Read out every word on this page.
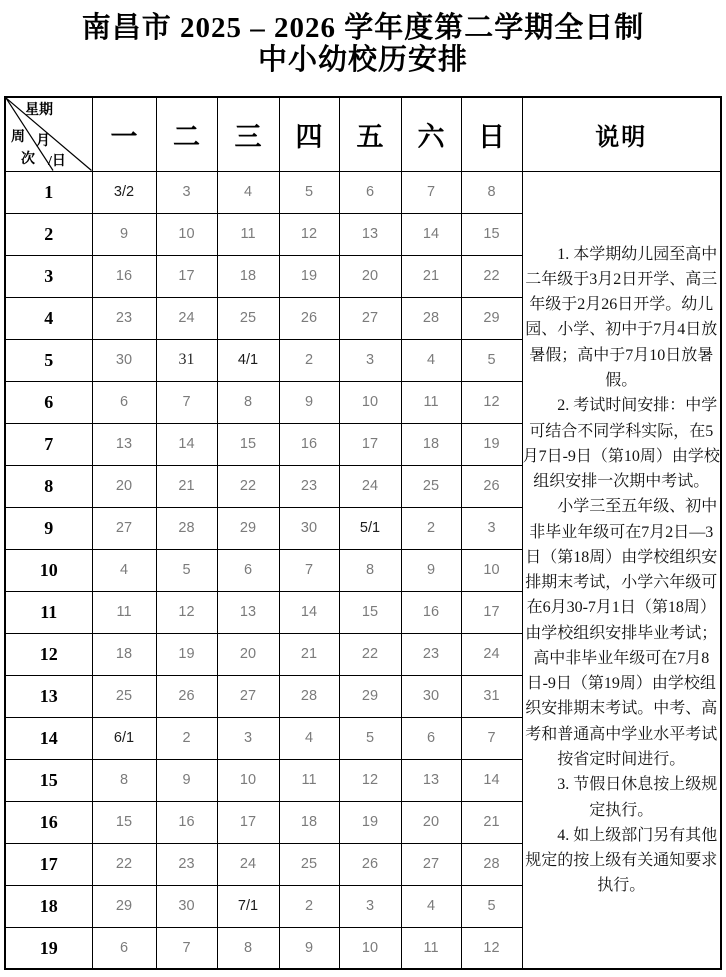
南昌市 2025 – 2026 学年度第二学期全日制
中小幼校历安排
星期
周
次
月
/日	一	二	三	四	五	六	日	说明
1	3/2	3	4	5	6	7	8	1. 本学期幼儿园至高中二年级于3月2日开学、高三年级于2月26日开学。幼儿园、小学、初中于7月4日放暑假；高中于7月10日放暑假。

2. 考试时间安排：中学可结合不同学科实际，在5月7日-9日（第10周）由学校组织安排一次期中考试。

小学三至五年级、初中非毕业年级可在7月2日—3日（第18周）由学校组织安排期末考试，小学六年级可在6月30-7月1日（第18周）由学校组织安排毕业考试；高中非毕业年级可在7月8日-9日（第19周）由学校组织安排期末考试。中考、高考和普通高中学业水平考试按省定时间进行。

3. 节假日休息按上级规定执行。

4. 如上级部门另有其他规定的按上级有关通知要求执行。

2	9	10	11	12	13	14	15	
3	16	17	18	19	20	21	22	
4	23	24	25	26	27	28	29	
5	30	31	4/1	2	3	4	5	
6	6	7	8	9	10	11	12	
7	13	14	15	16	17	18	19	
8	20	21	22	23	24	25	26	
9	27	28	29	30	5/1	2	3	
10	4	5	6	7	8	9	10	
11	11	12	13	14	15	16	17	
12	18	19	20	21	22	23	24	
13	25	26	27	28	29	30	31	
14	6/1	2	3	4	5	6	7	
15	8	9	10	11	12	13	14	
16	15	16	17	18	19	20	21	
17	22	23	24	25	26	27	28	
18	29	30	7/1	2	3	4	5	
19	6	7	8	9	10	11	12	
